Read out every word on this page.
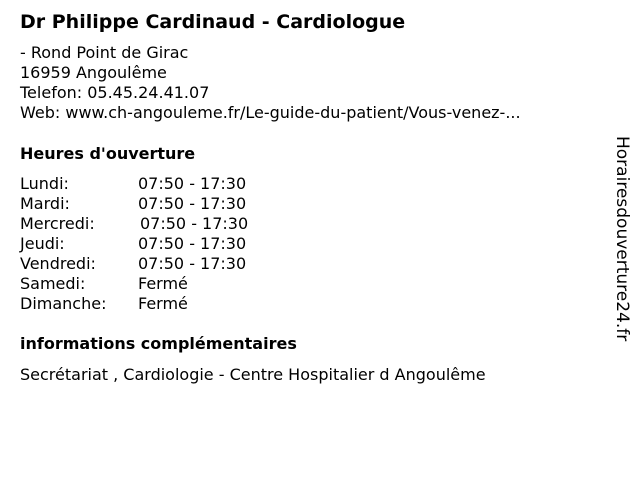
Dr Philippe Cardinaud - Cardiologue
- Rond Point de Girac
16959 Angoulême
Telefon: 05.45.24.41.07
Web: www.ch-angouleme.fr/Le-guide-du-patient/Vous-venez-...
Heures d'ouverture
Lundi:	07:50 - 17:30
Mardi:	07:50 - 17:30
Mercredi:	07:50 - 17:30
Jeudi:	07:50 - 17:30
Vendredi:	07:50 - 17:30
Samedi:	Fermé
Dimanche: Fermé
informations complémentaires
Secrétariat , Cardiologie - Centre Hospitalier d Angoulême
Horairesdouverture24.fr
